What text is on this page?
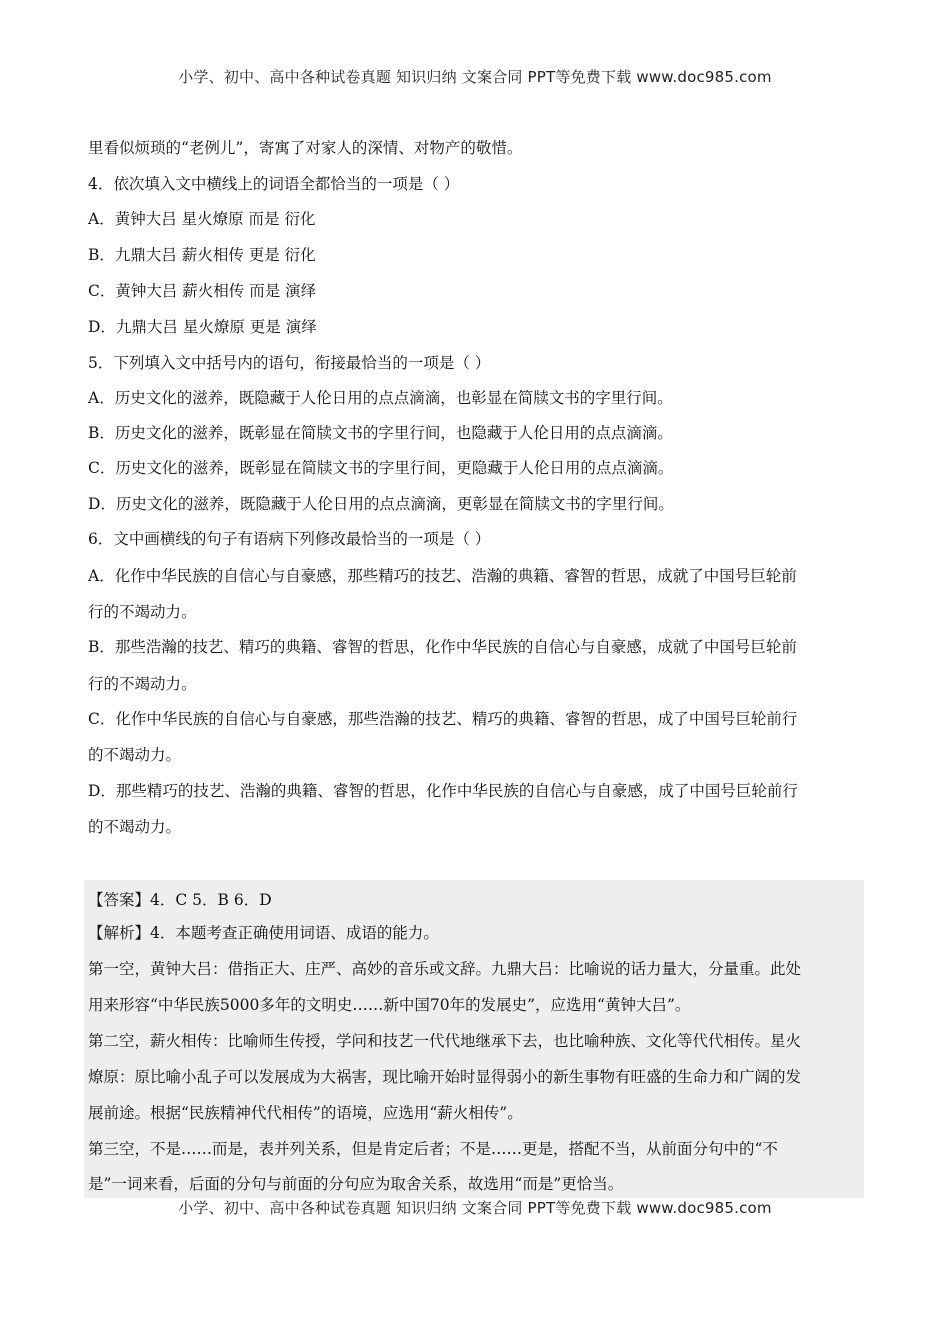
小学、初中、高中各种试卷真题 知识归纳 文案合同 PPT等免费下载 www.doc985.com
里看似烦琐的“老例儿”，寄寓了对家人的深情、对物产的敬惜。
4．依次填入文中横线上的词语全都恰当的一项是（ ）
A．黄钟大吕 星火燎原 而是 衍化
B．九鼎大吕 薪火相传 更是 衍化
C．黄钟大吕 薪火相传 而是 演绎
D．九鼎大吕 星火燎原 更是 演绎
5．下列填入文中括号内的语句，衔接最恰当的一项是（ ）
A．历史文化的滋养，既隐藏于人伦日用的点点滴滴，也彰显在简牍文书的字里行间。
B．历史文化的滋养，既彰显在简牍文书的字里行间，也隐藏于人伦日用的点点滴滴。
C．历史文化的滋养，既彰显在简牍文书的字里行间，更隐藏于人伦日用的点点滴滴。
D．历史文化的滋养，既隐藏于人伦日用的点点滴滴，更彰显在简牍文书的字里行间。
6．文中画横线的句子有语病下列修改最恰当的一项是（ ）
A．化作中华民族的自信心与自豪感，那些精巧的技艺、浩瀚的典籍、睿智的哲思，成就了中国号巨轮前
行的不竭动力。
B．那些浩瀚的技艺、精巧的典籍、睿智的哲思，化作中华民族的自信心与自豪感，成就了中国号巨轮前
行的不竭动力。
C．化作中华民族的自信心与自豪感，那些浩瀚的技艺、精巧的典籍、睿智的哲思，成了中国号巨轮前行
的不竭动力。
D．那些精巧的技艺、浩瀚的典籍、睿智的哲思，化作中华民族的自信心与自豪感，成了中国号巨轮前行
的不竭动力。
【答案】4．C 5．B 6．D
【解析】4．本题考查正确使用词语、成语的能力。
第一空，黄钟大吕：借指正大、庄严、高妙的音乐或文辞。九鼎大吕：比喻说的话力量大，分量重。此处
用来形容“中华民族5000多年的文明史……新中国70年的发展史”，应选用“黄钟大吕”。
第二空，薪火相传：比喻师生传授，学问和技艺一代代地继承下去，也比喻种族、文化等代代相传。星火
燎原：原比喻小乱子可以发展成为大祸害，现比喻开始时显得弱小的新生事物有旺盛的生命力和广阔的发
展前途。根据“民族精神代代相传”的语境，应选用“薪火相传”。
第三空，不是……而是，表并列关系，但是肯定后者；不是……更是，搭配不当，从前面分句中的“不
是”一词来看，后面的分句与前面的分句应为取舍关系，故选用“而是”更恰当。
小学、初中、高中各种试卷真题 知识归纳 文案合同 PPT等免费下载 www.doc985.com
